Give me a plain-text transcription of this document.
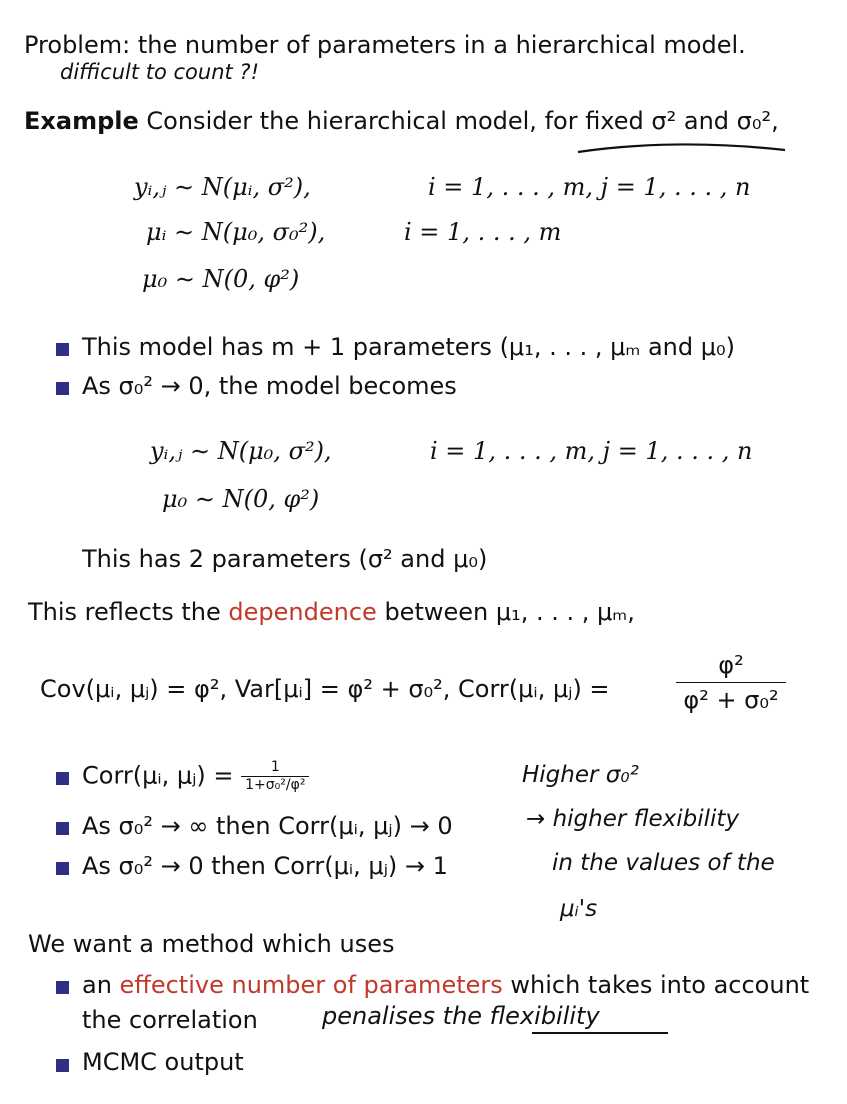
Problem: the number of parameters in a hierarchical model.
difficult to count ?!
Example Consider the hierarchical model, for fixed σ² and σ₀²,
yᵢ,ⱼ ∼ N(μᵢ, σ²),	i = 1, . . . , m, j = 1, . . . , n
μᵢ ∼ N(μ₀, σ₀²),	i = 1, . . . , m
μ₀ ∼ N(0, φ²)
This model has m + 1 parameters (μ₁, . . . , μₘ and μ₀)
As σ₀² → 0, the model becomes
yᵢ,ⱼ ∼ N(μ₀, σ²),	i = 1, . . . , m, j = 1, . . . , n
μ₀ ∼ N(0, φ²)
This has 2 parameters (σ² and μ₀)
This reflects the dependence between μ₁, . . . , μₘ,
Cov(μᵢ, μⱼ) = φ², Var[μᵢ] = φ² + σ₀², Corr(μᵢ, μⱼ) =	$\frac{\text{φ²}}{\text{φ² + σ₀²}}$
Corr(μᵢ, μⱼ) = $\frac{1}{\text{1+σ₀²/φ²}}$
As σ₀² → ∞ then Corr(μᵢ, μⱼ) → 0
As σ₀² → 0 then Corr(μᵢ, μⱼ) → 1
Higher σ₀²
→ higher flexibility
in the values of the
μᵢ's
We want a method which uses
an effective number of parameters which takes into account
the correlation	penalises the flexibility
MCMC output
